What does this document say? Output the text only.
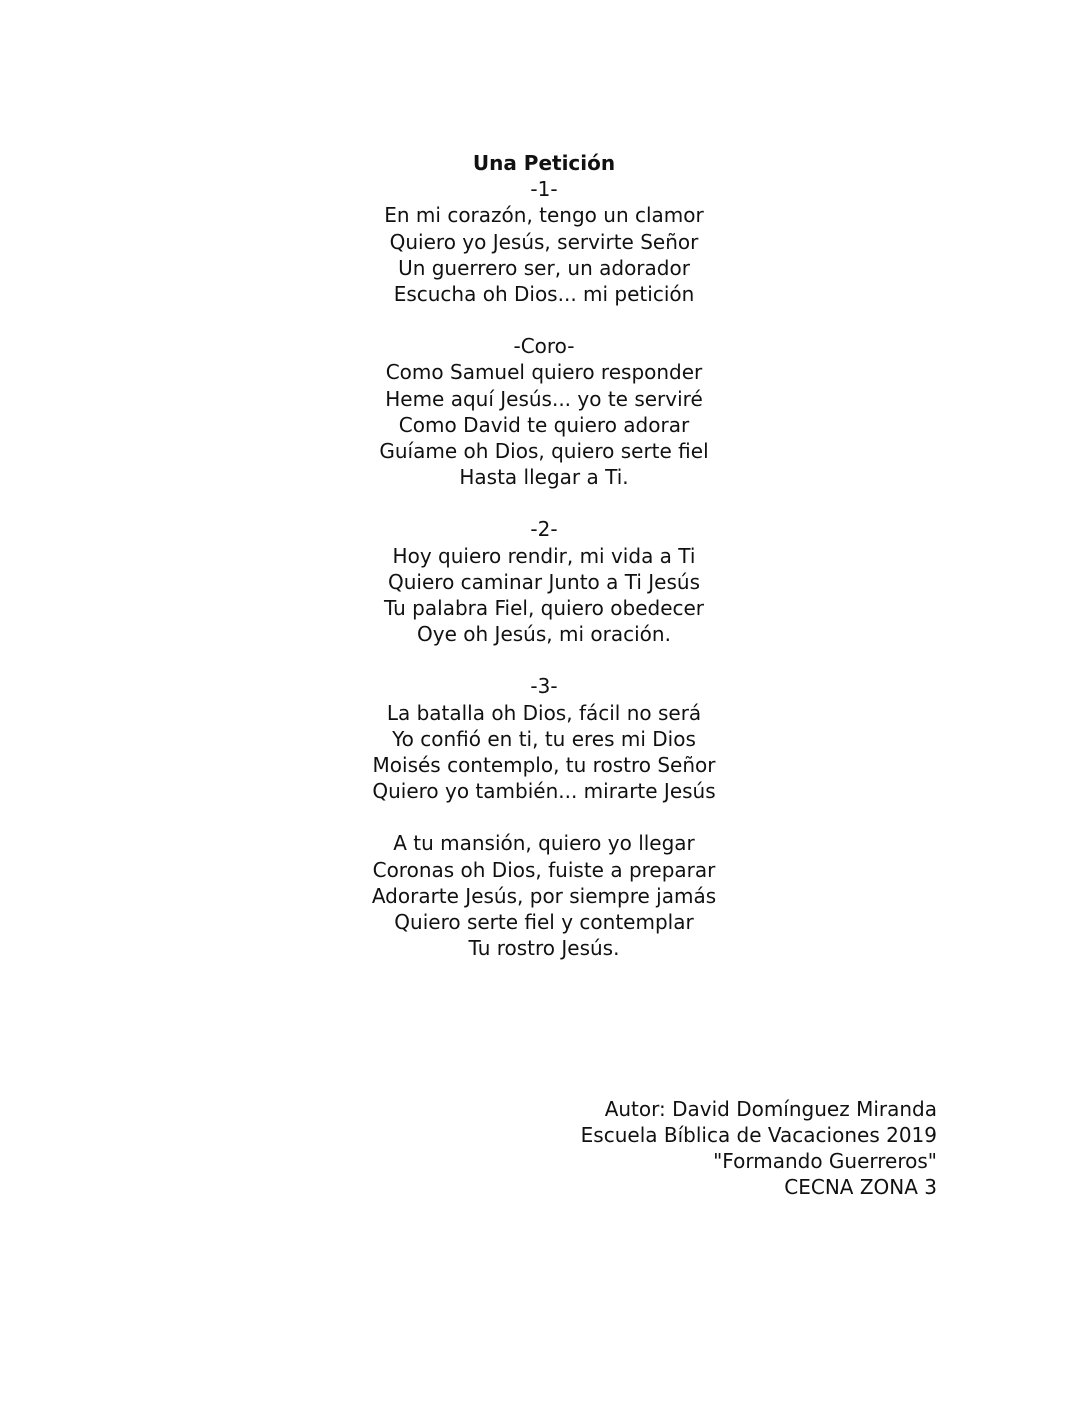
Una Petición
-1-
En mi corazón, tengo un clamor
Quiero yo Jesús, servirte Señor
Un guerrero ser, un adorador
Escucha oh Dios... mi petición
-Coro-
Como Samuel quiero responder
Heme aquí Jesús... yo te serviré
Como David te quiero adorar
Guíame oh Dios, quiero serte fiel
Hasta llegar a Ti.
-2-
Hoy quiero rendir, mi vida a Ti
Quiero caminar Junto a Ti Jesús
Tu palabra Fiel, quiero obedecer
Oye oh Jesús, mi oración.
-3-
La batalla oh Dios, fácil no será
Yo confió en ti, tu eres mi Dios
Moisés contemplo, tu rostro Señor
Quiero yo también... mirarte Jesús
A tu mansión, quiero yo llegar
Coronas oh Dios, fuiste a preparar
Adorarte Jesús, por siempre jamás
Quiero serte fiel y contemplar
Tu rostro Jesús.
Autor: David Domínguez Miranda
Escuela Bíblica de Vacaciones 2019
"Formando Guerreros"
CECNA ZONA 3
